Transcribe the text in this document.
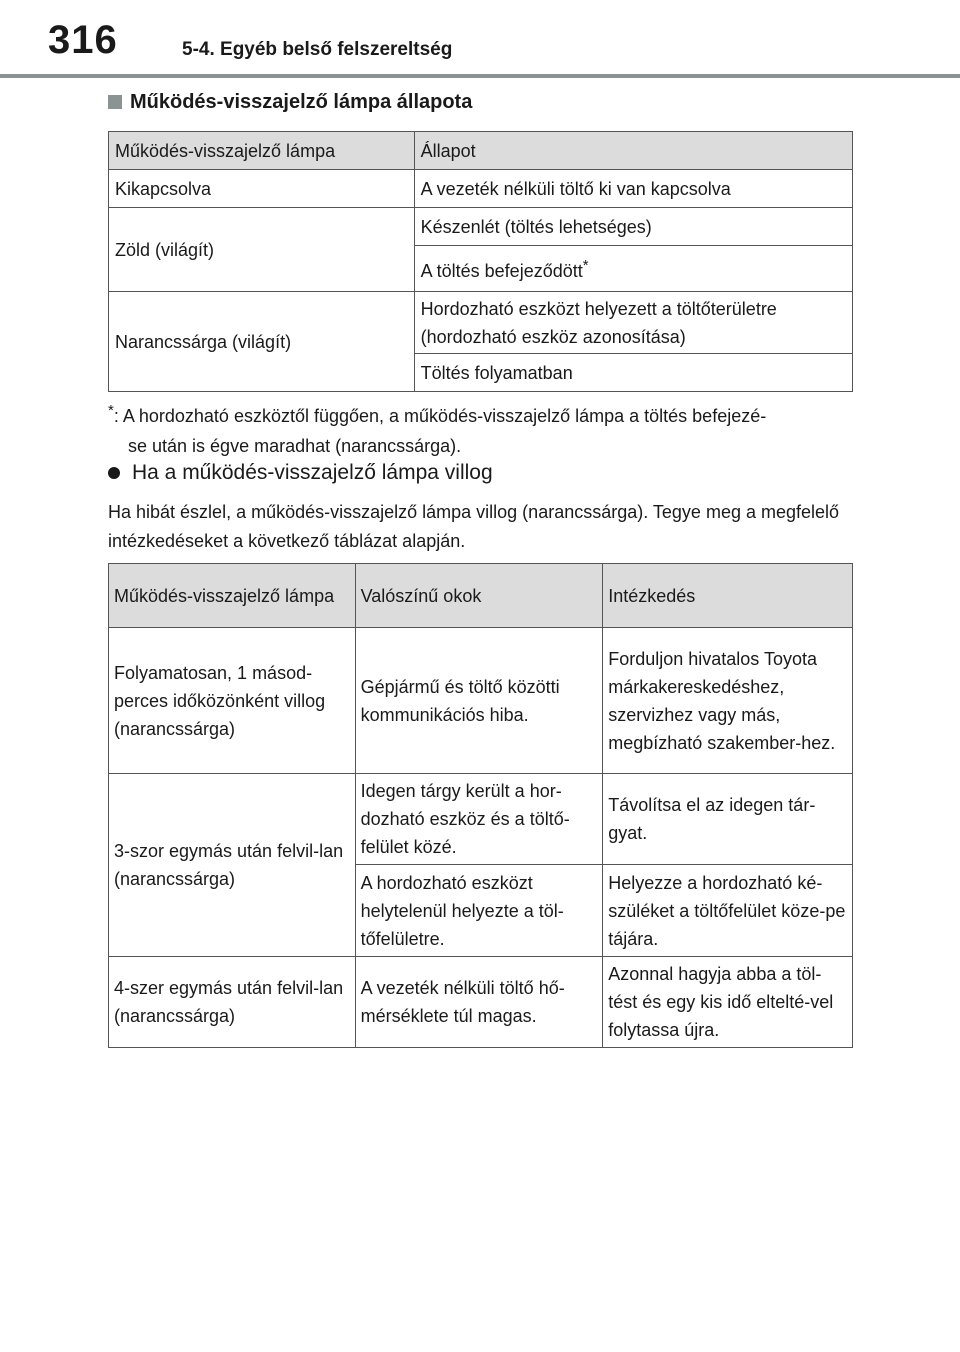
316	5-4. Egyéb belső felszereltség
Működés-visszajelző lámpa állapota
Működés-visszajelző lámpa	Állapot
Kikapcsolva	A vezeték nélküli töltő ki van kapcsolva
Zöld (világít)	Készenlét (töltés lehetséges)
	A töltés befejeződött*
Narancssárga (világít)	Hordozható eszközt helyezett a töltőterületre (hordozható eszköz azonosítása)
	Töltés folyamatban
*: A hordozható eszköztől függően, a működés-visszajelző lámpa a töltés befejezé-
se után is égve maradhat (narancssárga).
Ha a működés-visszajelző lámpa villog
Ha hibát észlel, a működés-visszajelző lámpa villog (narancssárga). Tegye meg a megfelelő intézkedéseket a következő táblázat alapján.
Működés-visszajelző lámpa	Valószínű okok	Intézkedés
Folyamatosan, 1 másod-perces időközönként villog (narancssárga)	Gépjármű és töltő közötti kommunikációs hiba.	Forduljon hivatalos Toyota márkakereskedéshez, szervizhez vagy más, megbízható szakember-hez.
3-szor egymás után felvil-lan (narancssárga)	Idegen tárgy került a hor-dozható eszköz és a töltő-felület közé.	Távolítsa el az idegen tár-gyat.
	A hordozható eszközt helytelenül helyezte a töl-tőfelületre.	Helyezze a hordozható ké-szüléket a töltőfelület köze-pe tájára.
4-szer egymás után felvil-lan (narancssárga)	A vezeték nélküli töltő hő-mérséklete túl magas.	Azonnal hagyja abba a töl-tést és egy kis idő eltelté-vel folytassa újra.
